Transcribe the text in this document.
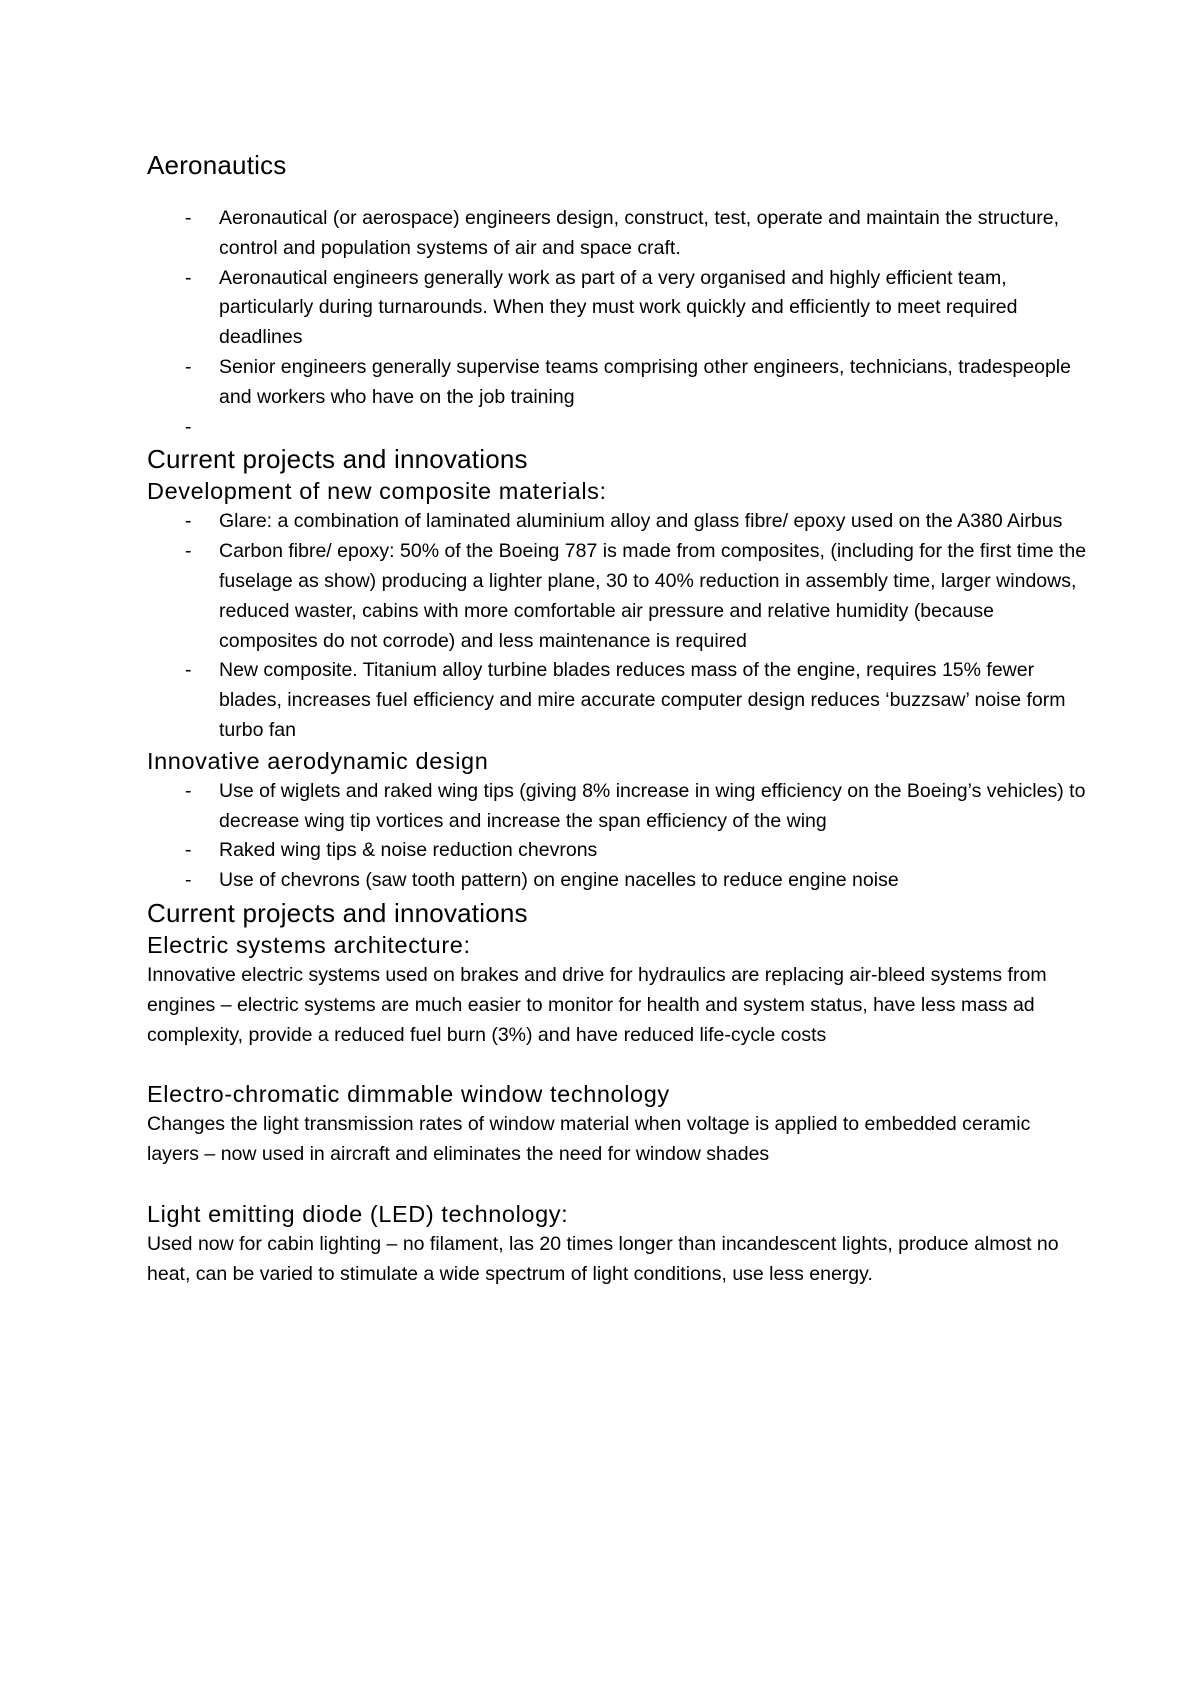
Aeronautics
- Aeronautical (or aerospace) engineers design, construct, test, operate and maintain the structure, control and population systems of air and space craft.
- Aeronautical engineers generally work as part of a very organised and highly efficient team, particularly during turnarounds. When they must work quickly and efficiently to meet required deadlines
- Senior engineers generally supervise teams comprising other engineers, technicians, tradespeople and workers who have on the job training
-
Current projects and innovations
Development of new composite materials:
- Glare: a combination of laminated aluminium alloy and glass fibre/ epoxy used on the A380 Airbus
- Carbon fibre/ epoxy: 50% of the Boeing 787 is made from composites, (including for the first time the fuselage as show) producing a lighter plane, 30 to 40% reduction in assembly time, larger windows, reduced waster, cabins with more comfortable air pressure and relative humidity (because composites do not corrode) and less maintenance is required
- New composite. Titanium alloy turbine blades reduces mass of the engine, requires 15% fewer blades, increases fuel efficiency and mire accurate computer design reduces ‘buzzsaw’ noise form turbo fan
Innovative aerodynamic design
- Use of wiglets and raked wing tips (giving 8% increase in wing efficiency on the Boeing’s vehicles) to decrease wing tip vortices and increase the span efficiency of the wing
- Raked wing tips & noise reduction chevrons
- Use of chevrons (saw tooth pattern) on engine nacelles to reduce engine noise
Current projects and innovations
Electric systems architecture:

Innovative electric systems used on brakes and drive for hydraulics are replacing air-bleed systems from engines – electric systems are much easier to monitor for health and system status, have less mass ad complexity, provide a reduced fuel burn (3%) and have reduced life-cycle costs

Electro-chromatic dimmable window technology

Changes the light transmission rates of window material when voltage is applied to embedded ceramic layers – now used in aircraft and eliminates the need for window shades

Light emitting diode (LED) technology:

Used now for cabin lighting – no filament, las 20 times longer than incandescent lights, produce almost no heat, can be varied to stimulate a wide spectrum of light conditions, use less energy.
